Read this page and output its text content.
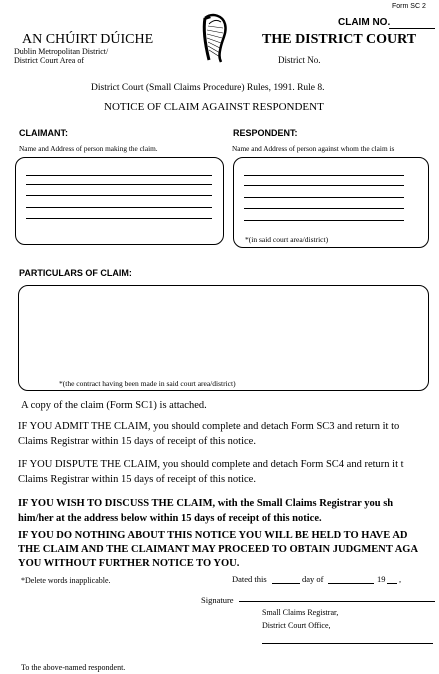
Form SC 2
AN CHÚIRT DÚICHE
Dublin Metropolitan District/
District Court Area of
CLAIM NO.
THE DISTRICT COURT
District No.
District Court (Small Claims Procedure) Rules, 1991. Rule 8.
NOTICE OF CLAIM AGAINST RESPONDENT
CLAIMANT:
Name and Address of person making the claim.
RESPONDENT:
Name and Address of person against whom the claim is
*(in said court area/district)
PARTICULARS OF CLAIM:
*(the contract having been made in said court area/district)
A copy of the claim (Form SC1) is attached.
IF YOU ADMIT THE CLAIM, you should complete and detach Form SC3 and return it to
Claims Registrar within 15 days of receipt of this notice.
IF YOU DISPUTE THE CLAIM, you should complete and detach Form SC4 and return it t
Claims Registrar within 15 days of receipt of this notice.
IF YOU WISH TO DISCUSS THE CLAIM, with the Small Claims Registrar you sh
him/her at the address below within 15 days of receipt of this notice.
IF YOU DO NOTHING ABOUT THIS NOTICE YOU WILL BE HELD TO HAVE AD
THE CLAIM AND THE CLAIMANT MAY PROCEED TO OBTAIN JUDGMENT AGA
YOU WITHOUT FURTHER NOTICE TO YOU.
*Delete words inapplicable.	Dated this	day of	19 ,
Signature
Small Claims Registrar,
District Court Office,
To the above-named respondent.
